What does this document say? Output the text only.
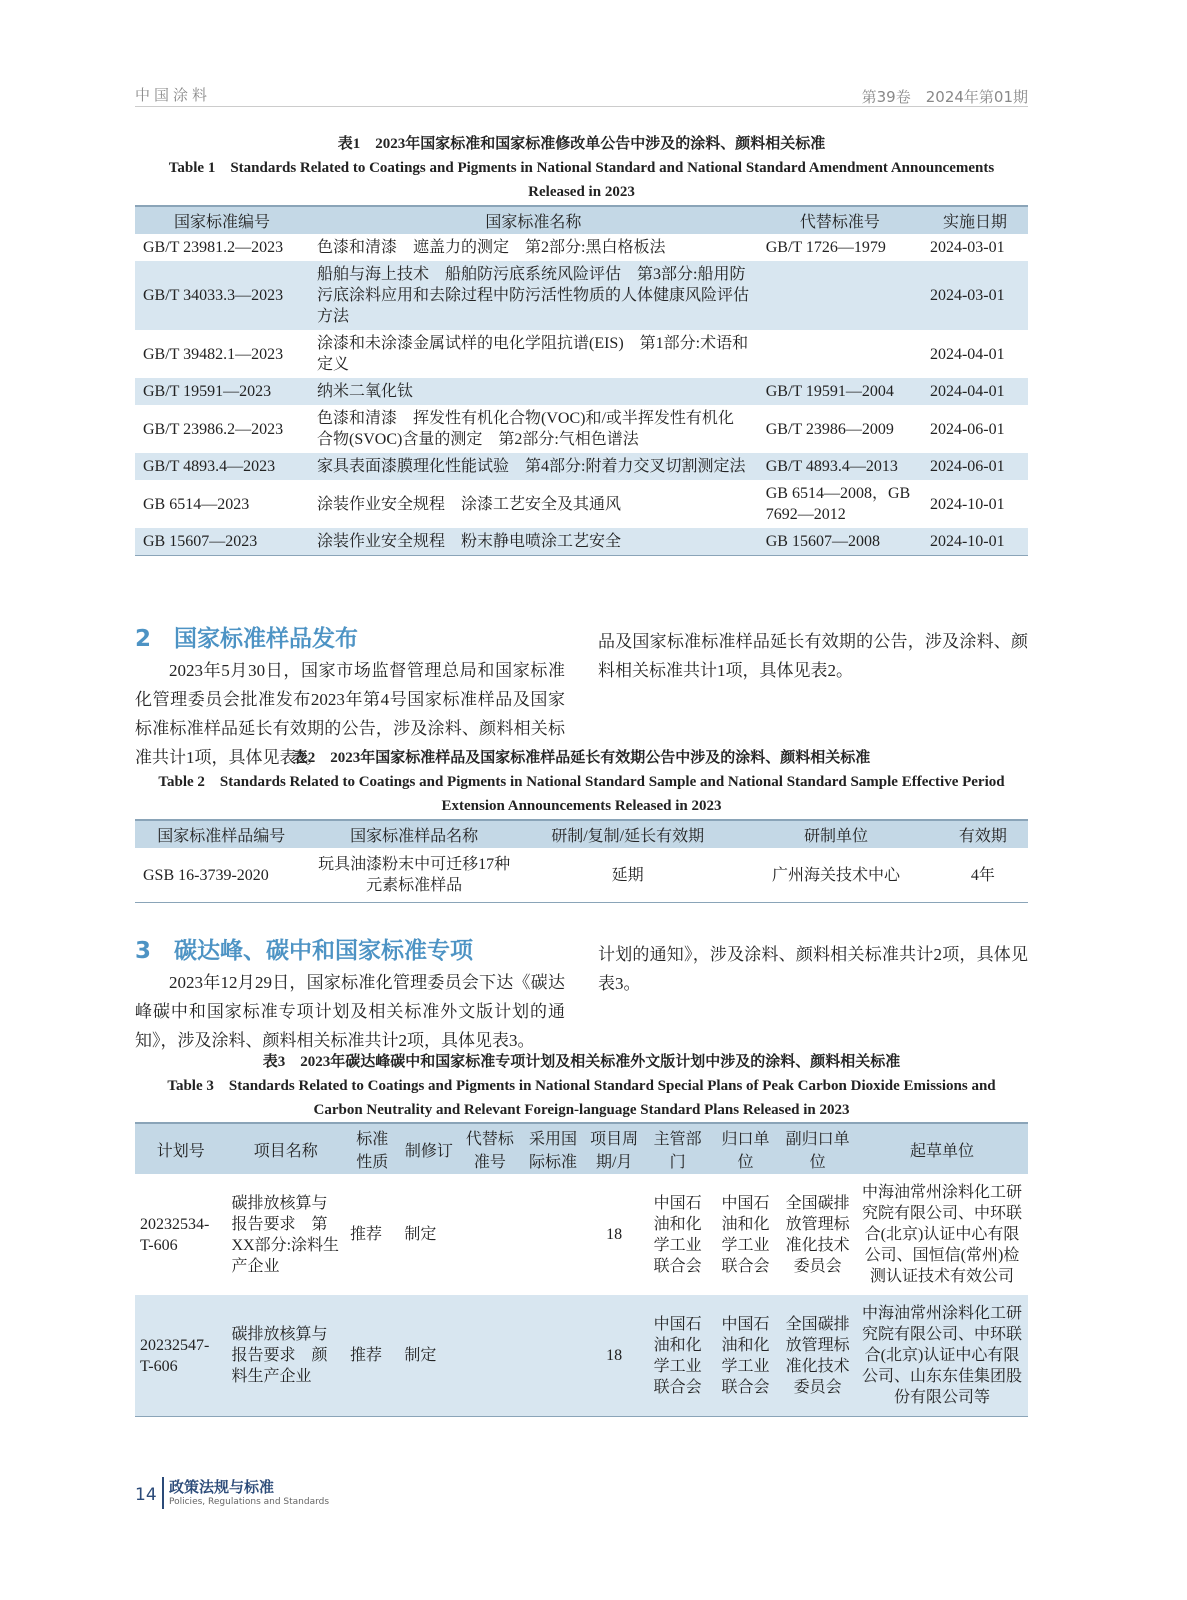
中国涂料	第39卷　2024年第01期
表1　2023年国家标准和国家标准修改单公告中涉及的涂料、颜料相关标准
Table 1　Standards Related to Coatings and Pigments in National Standard and National Standard Amendment Announcements Released in 2023
国家标准编号	国家标准名称	代替标准号	实施日期
GB/T 23981.2—2023	色漆和清漆　遮盖力的测定　第2部分:黑白格板法	GB/T 1726—1979	2024-03-01
GB/T 34033.3—2023	船舶与海上技术　船舶防污底系统风险评估　第3部分:船用防污底涂料应用和去除过程中防污活性物质的人体健康风险评估方法		2024-03-01
GB/T 39482.1—2023	涂漆和未涂漆金属试样的电化学阻抗谱(EIS)　第1部分:术语和定义		2024-04-01
GB/T 19591—2023	纳米二氧化钛	GB/T 19591—2004	2024-04-01
GB/T 23986.2—2023	色漆和清漆　挥发性有机化合物(VOC)和/或半挥发性有机化合物(SVOC)含量的测定　第2部分:气相色谱法	GB/T 23986—2009	2024-06-01
GB/T 4893.4—2023	家具表面漆膜理化性能试验　第4部分:附着力交叉切割测定法	GB/T 4893.4—2013	2024-06-01
GB 6514—2023	涂装作业安全规程　涂漆工艺安全及其通风	GB 6514—2008，GB 7692—2012	2024-10-01
GB 15607—2023	涂装作业安全规程　粉末静电喷涂工艺安全	GB 15607—2008	2024-10-01
2　国家标准样品发布
2023年5月30日，国家市场监督管理总局和国家标准化管理委员会批准发布2023年第4号国家标准样品及国家标准标准样品延长有效期的公告，涉及涂料、颜料相关标准共计1项，具体见表2。
品及国家标准标准样品延长有效期的公告，涉及涂料、颜料相关标准共计1项，具体见表2。
表2　2023年国家标准样品及国家标准样品延长有效期公告中涉及的涂料、颜料相关标准
Table 2　Standards Related to Coatings and Pigments in National Standard Sample and National Standard Sample Effective Period Extension Announcements Released in 2023
国家标准样品编号	国家标准样品名称	研制/复制/延长有效期	研制单位	有效期
GSB 16-3739-2020	玩具油漆粉末中可迁移17种元素标准样品	延期	广州海关技术中心	4年
3　碳达峰、碳中和国家标准专项
2023年12月29日，国家标准化管理委员会下达《碳达峰碳中和国家标准专项计划及相关标准外文版计划的通知》，涉及涂料、颜料相关标准共计2项，具体见表3。
计划的通知》，涉及涂料、颜料相关标准共计2项，具体见表3。
表3　2023年碳达峰碳中和国家标准专项计划及相关标准外文版计划中涉及的涂料、颜料相关标准
Table 3　Standards Related to Coatings and Pigments in National Standard Special Plans of Peak Carbon Dioxide Emissions and Carbon Neutrality and Relevant Foreign-language Standard Plans Released in 2023
计划号	项目名称	标准性质	制修订	代替标准号	采用国际标准	项目周期/月	主管部门	归口单位	副归口单位	起草单位
20232534-T-606	碳排放核算与报告要求　第XX部分:涂料生产企业	推荐	制定			18	中国石油和化学工业联合会	中国石油和化学工业联合会	全国碳排放管理标准化技术委员会	中海油常州涂料化工研究院有限公司、中环联合(北京)认证中心有限公司、国恒信(常州)检测认证技术有效公司
20232547-T-606	碳排放核算与报告要求　颜料生产企业	推荐	制定			18	中国石油和化学工业联合会	中国石油和化学工业联合会	全国碳排放管理标准化技术委员会	中海油常州涂料化工研究院有限公司、中环联合(北京)认证中心有限公司、山东东佳集团股份有限公司等
14 政策法规与标准
Policies, Regulations and Standards
